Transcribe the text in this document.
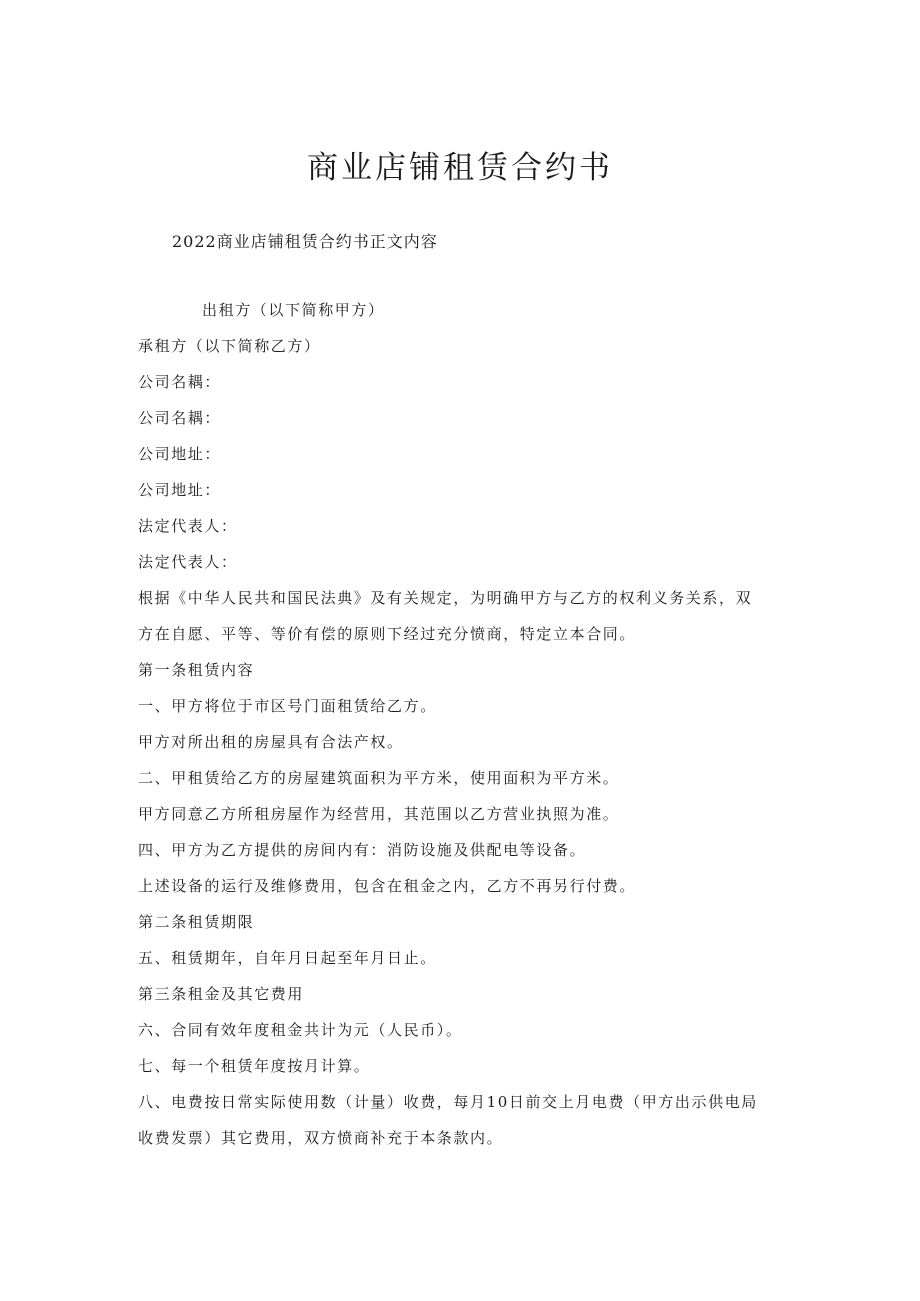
商业店铺租赁合约书
2022商业店铺租赁合约书正文内容
出租方（以下简称甲方）
承租方（以下简称乙方）
公司名耦：
公司名耦：
公司地址：
公司地址：
法定代表人：
法定代表人：
根据《中华人民共和国民法典》及有关规定，为明确甲方与乙方的权利义务关系，双
方在自愿、平等、等价有偿的原则下经过充分愤商，特定立本合同。
第一条租赁内容
一、甲方将位于市区号门面租赁给乙方。
甲方对所出租的房屋具有合法产权。
二、甲租赁给乙方的房屋建筑面积为平方米，使用面积为平方米。
甲方同意乙方所租房屋作为经营用，其范围以乙方营业执照为准。
四、甲方为乙方提供的房间内有：消防设施及供配电等设备。
上述设备的运行及维修费用，包含在租金之内，乙方不再另行付费。
第二条租赁期限
五、租赁期年，自年月日起至年月日止。
第三条租金及其它费用
六、合同有效年度租金共计为元（人民币）。
七、每一个租赁年度按月计算。
八、电费按日常实际使用数（计量）收费，每月10日前交上月电费（甲方出示供电局
收费发票）其它费用，双方愤商补充于本条款内。
